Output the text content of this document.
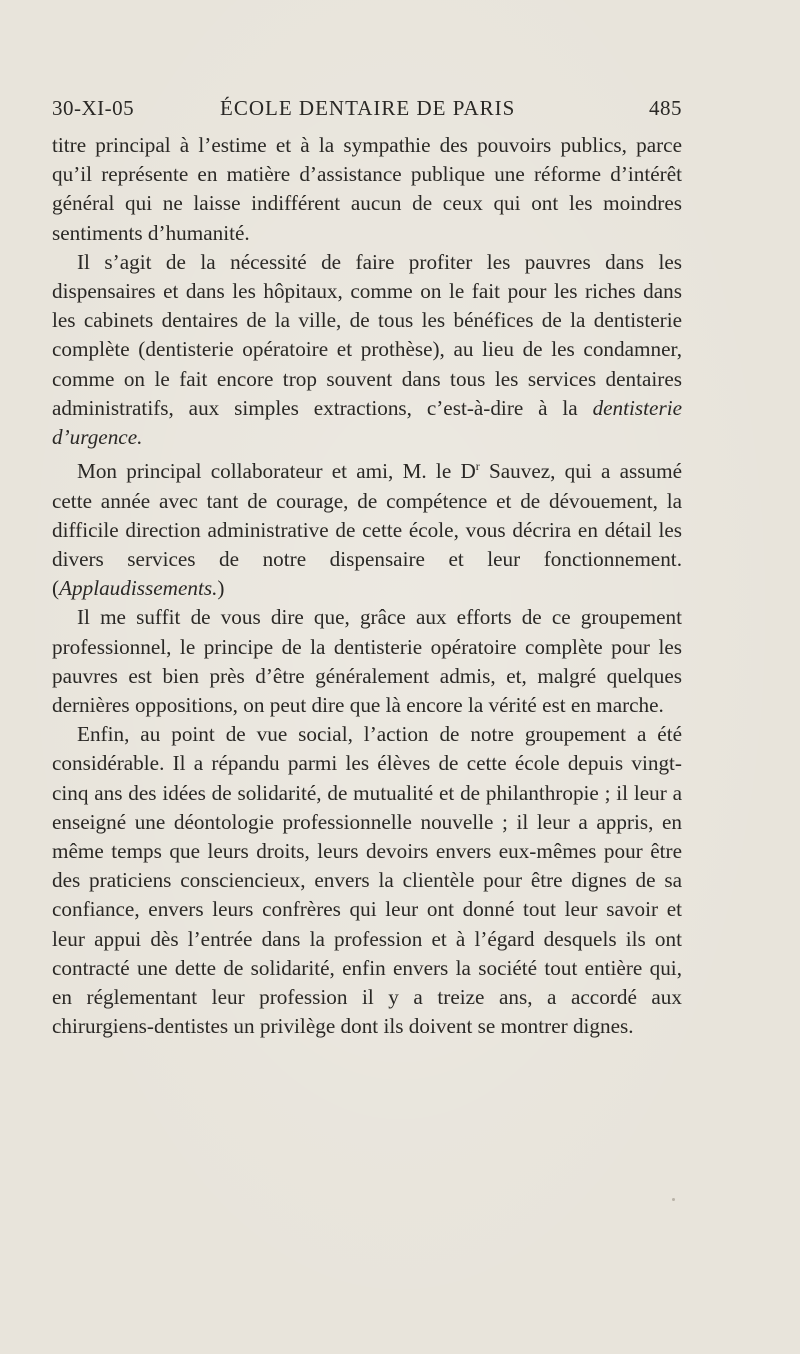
30-XI-05	ÉCOLE DENTAIRE DE PARIS	485

titre principal à l’estime et à la sympathie des pouvoirs publics, parce qu’il représente en matière d’assistance publique une réforme d’intérêt général qui ne laisse indifférent aucun de ceux qui ont les moindres sentiments d’humanité.

Il s’agit de la nécessité de faire profiter les pauvres dans les dispensaires et dans les hôpitaux, comme on le fait pour les riches dans les cabinets dentaires de la ville, de tous les bénéfices de la dentisterie complète (dentisterie opératoire et prothèse), au lieu de les condamner, comme on le fait encore trop souvent dans tous les services dentaires administratifs, aux simples extractions, c’est-à-dire à la dentisterie d’urgence.

Mon principal collaborateur et ami, M. le $D^r$ Sauvez, qui a assumé cette année avec tant de courage, de compétence et de dévouement, la difficile direction administrative de cette école, vous décrira en détail les divers services de notre dispensaire et leur fonctionnement. (Applaudissements.)

Il me suffit de vous dire que, grâce aux efforts de ce groupement professionnel, le principe de la dentisterie opératoire complète pour les pauvres est bien près d’être généralement admis, et, malgré quelques dernières oppositions, on peut dire que là encore la vérité est en marche.

Enfin, au point de vue social, l’action de notre groupement a été considérable. Il a répandu parmi les élèves de cette école depuis vingt-cinq ans des idées de solidarité, de mutualité et de philanthropie ; il leur a enseigné une déontologie professionnelle nouvelle ; il leur a appris, en même temps que leurs droits, leurs devoirs envers eux-mêmes pour être des praticiens consciencieux, envers la clientèle pour être dignes de sa confiance, envers leurs confrères qui leur ont donné tout leur savoir et leur appui dès l’entrée dans la profession et à l’égard desquels ils ont contracté une dette de solidarité, enfin envers la société tout entière qui, en réglementant leur profession il y a treize ans, a accordé aux chirurgiens-dentistes un privilège dont ils doivent se montrer dignes.
